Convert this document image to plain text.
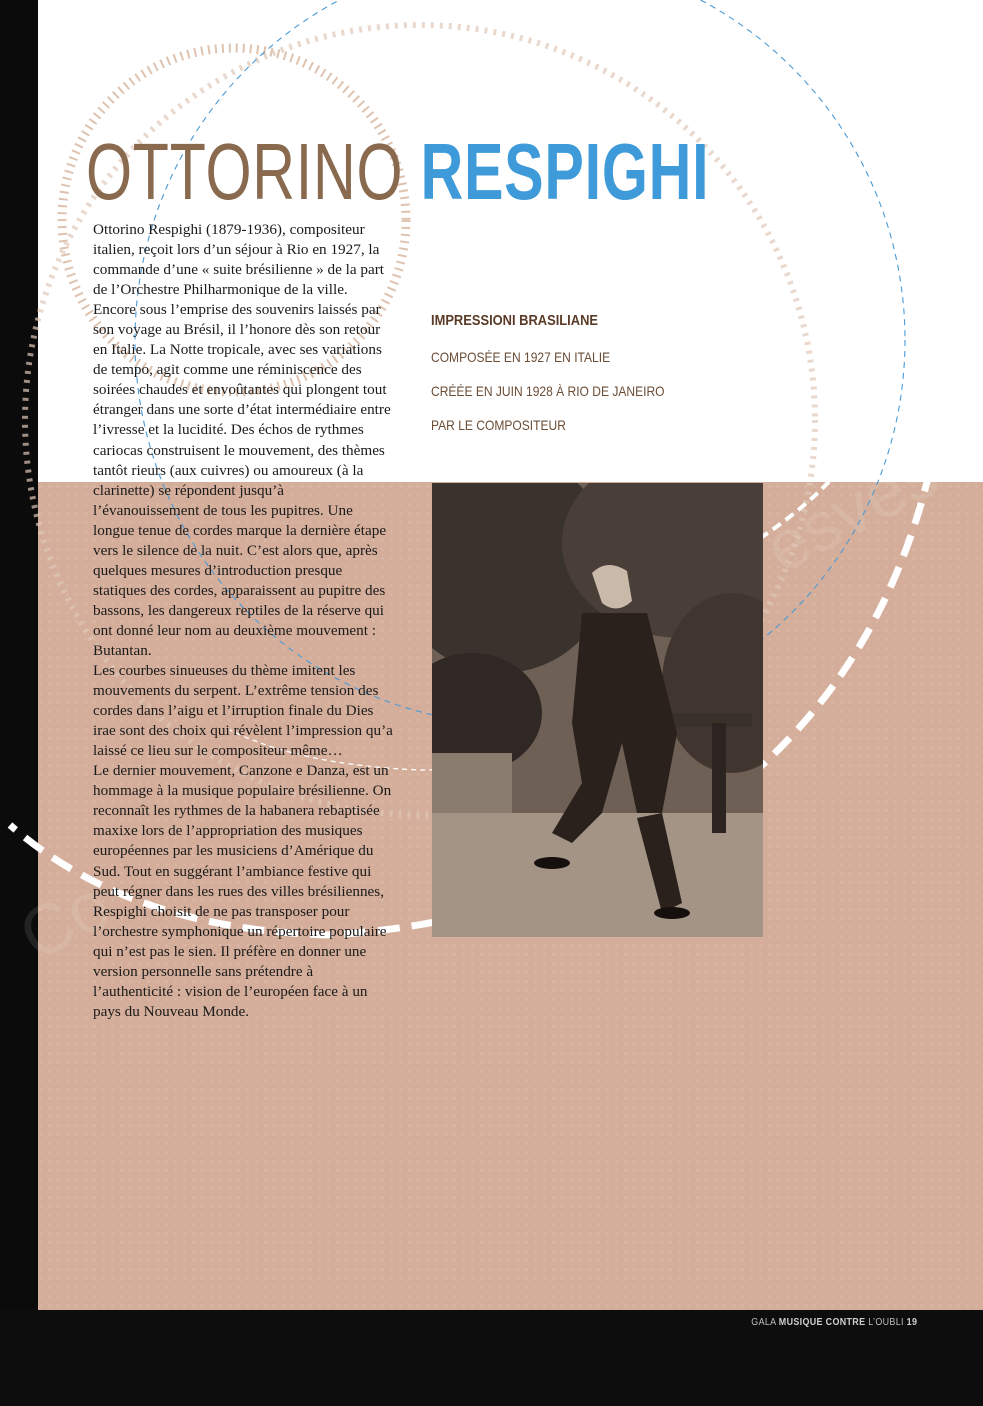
OTTORINO RESPIGHI

Ottorino Respighi (1879-1936), compositeur italien, reçoit lors d’un séjour à Rio en 1927, la commande d’une « suite brésilienne » de la part de l’Orchestre Philharmonique de la ville. Encore sous l’emprise des souvenirs laissés par son voyage au Brésil, il l’honore dès son retour en Italie. La Notte tropicale, avec ses variations de tempo, agit comme une réminiscence des soirées chaudes et envoûtantes qui plongent tout étranger dans une sorte d’état intermédiaire entre l’ivresse et la lucidité. Des échos de rythmes cariocas construisent le mouvement, des thèmes tantôt rieurs (aux cuivres) ou amoureux (à la clarinette) se répondent jusqu’à l’évanouissement de tous les pupitres. Une longue tenue de cordes marque la dernière étape vers le silence de la nuit. C’est alors que, après quelques mesures d’introduction presque statiques des cordes, apparaissent au pupitre des bassons, les dangereux reptiles de la réserve qui ont donné leur nom au deuxième mouvement : Butantan.

Les courbes sinueuses du thème imitent les mouvements du serpent. L’extrême tension des cordes dans l’aigu et l’irruption finale du Dies irae sont des choix qui révèlent l’impression qu’a laissé ce lieu sur le compositeur même…

Le dernier mouvement, Canzone e Danza, est un hommage à la musique populaire brésilienne. On reconnaît les rythmes de la habanera rebaptisée maxixe lors de l’appropriation des musiques européennes par les musiciens d’Amérique du Sud. Tout en suggérant l’ambiance festive qui peut régner dans les rues des villes brésiliennes, Respighi choisit de ne pas transposer pour l’orchestre symphonique un répertoire populaire qui n’est pas le sien. Il préfère en donner une version personnelle sans prétendre à l’authenticité : vision de l’européen face à un pays du Nouveau Monde.

IMPRESSIONI BRASILIANE

COMPOSÉE EN 1927 EN ITALIE

CRÉÉE EN JUIN 1928 À RIO DE JANEIRO

PAR LE COMPOSITEUR

GALA MUSIQUE CONTRE L’OUBLI 19
